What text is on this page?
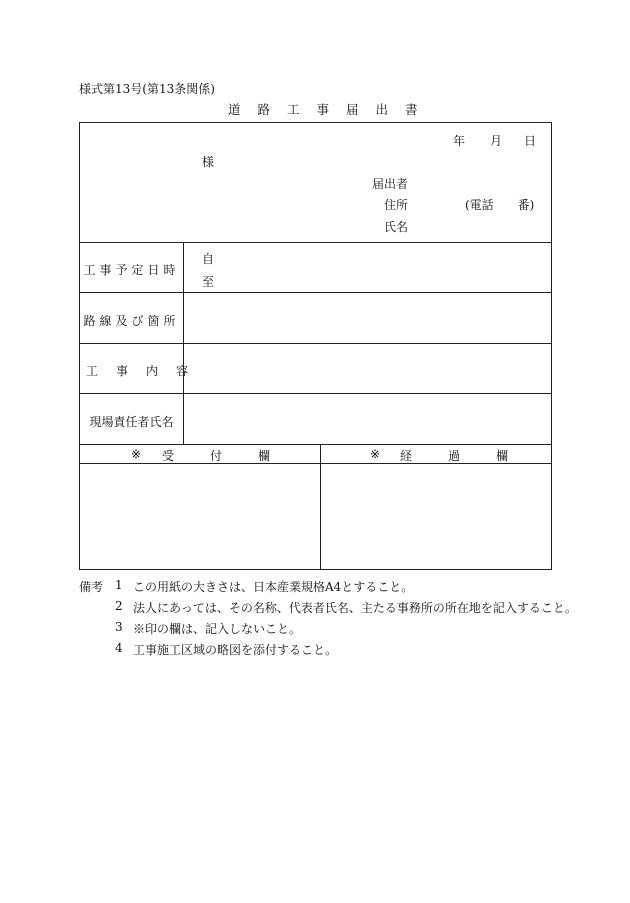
様式第13号(第13条関係)
道路工事届出書
年 月 日
様
届出者
住所	(電話　　番)
氏名
工事予定日時
自
至
路線及び箇所
工事内容
現場責任者氏名
※ 受　付　欄	※ 経　過　欄
備考 1 この用紙の大きさは、日本産業規格A4とすること。
2 法人にあっては、その名称、代表者氏名、主たる事務所の所在地を記入すること。
3 ※印の欄は、記入しないこと。
4 工事施工区域の略図を添付すること。
